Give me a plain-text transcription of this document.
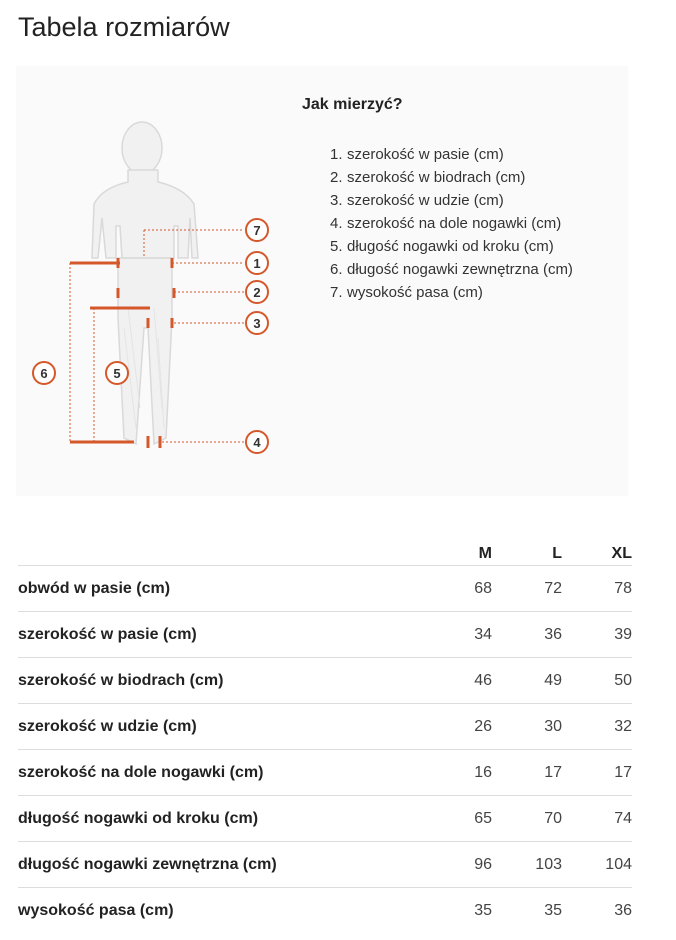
Tabela rozmiarów
7
1
2
3
4
5
6
Jak mierzyć?
1. szerokość w pasie (cm)
2. szerokość w biodrach (cm)
3. szerokość w udzie (cm)
4. szerokość na dole nogawki (cm)
5. długość nogawki od kroku (cm)
6. długość nogawki zewnętrzna (cm)
7. wysokość pasa (cm)
	M	L	XL
obwód w pasie (cm)	68	72	78
szerokość w pasie (cm)	34	36	39
szerokość w biodrach (cm)	46	49	50
szerokość w udzie (cm)	26	30	32
szerokość na dole nogawki (cm)	16	17	17
długość nogawki od kroku (cm)	65	70	74
długość nogawki zewnętrzna (cm)	96	103	104
wysokość pasa (cm)	35	35	36
